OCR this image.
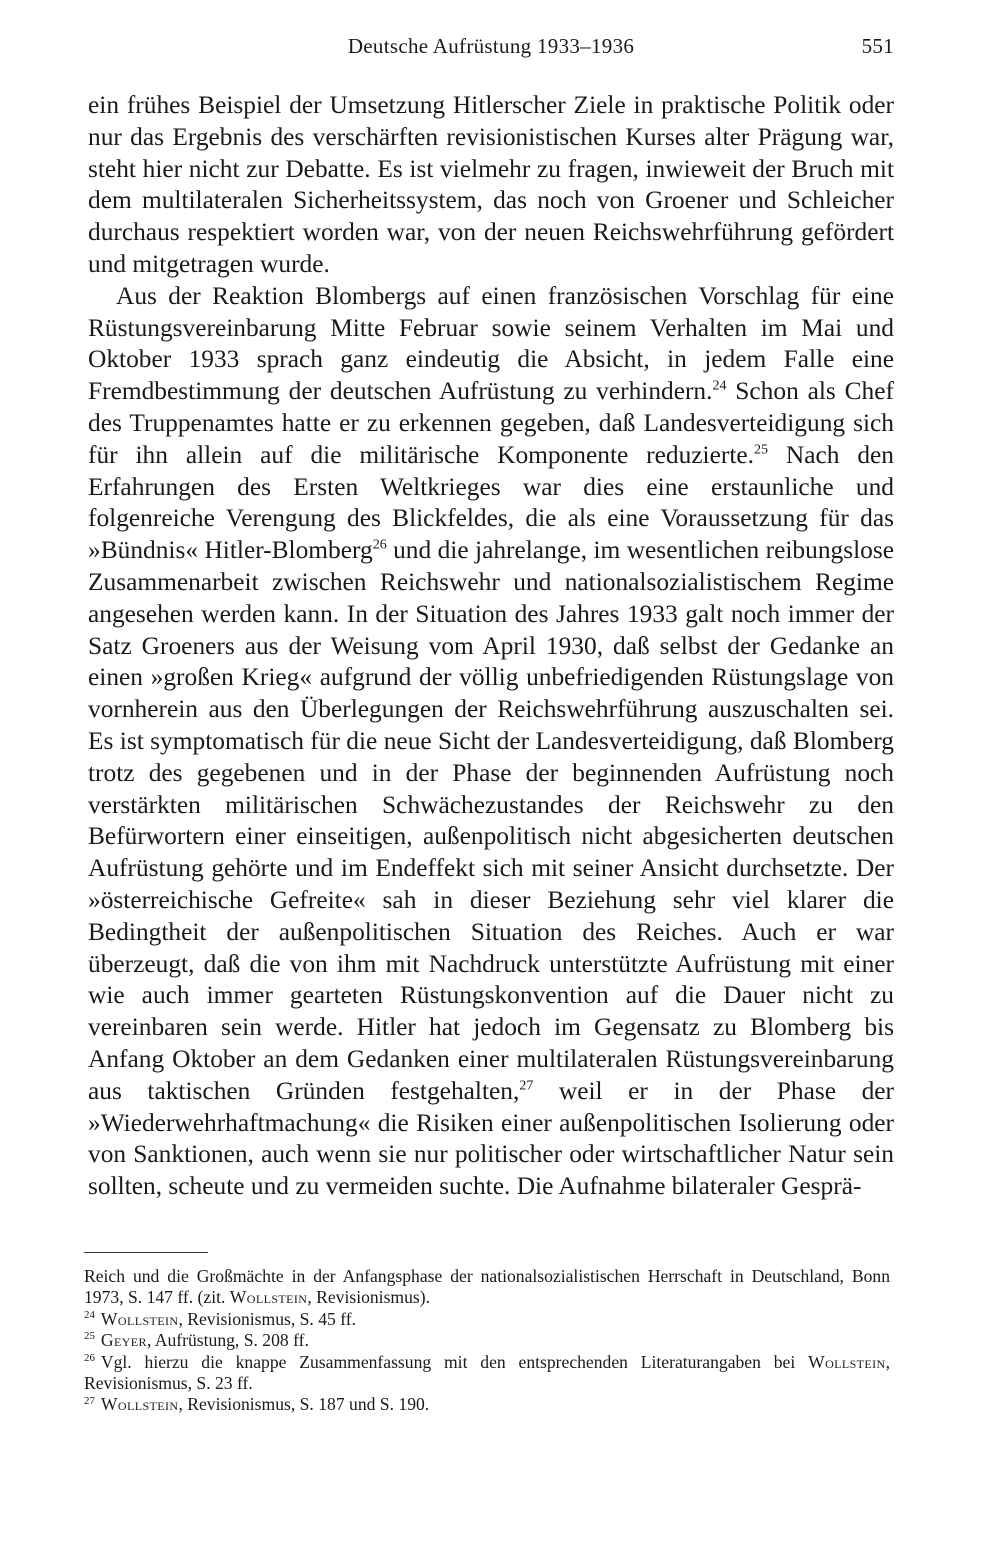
Deutsche Aufrüstung 1933–1936	551

ein frühes Beispiel der Umsetzung Hitlerscher Ziele in praktische Politik oder nur das Ergebnis des verschärften revisionistischen Kurses alter Prägung war, steht hier nicht zur Debatte. Es ist vielmehr zu fragen, inwieweit der Bruch mit dem multilateralen Sicherheitssystem, das noch von Groener und Schleicher durchaus respektiert worden war, von der neuen Reichswehrführung gefördert und mitgetragen wurde.

Aus der Reaktion Blombergs auf einen französischen Vorschlag für eine Rüstungsvereinbarung Mitte Februar sowie seinem Verhalten im Mai und Oktober 1933 sprach ganz eindeutig die Absicht, in jedem Falle eine Fremdbestimmung der deutschen Aufrüstung zu verhindern.$^{24}$ Schon als Chef des Truppenamtes hatte er zu erkennen gegeben, daß Landesverteidigung sich für ihn allein auf die militärische Komponente reduzierte.$^{25}$ Nach den Erfahrungen des Ersten Weltkrieges war dies eine erstaunliche und folgenreiche Verengung des Blickfeldes, die als eine Voraussetzung für das »Bündnis« Hitler-Blomberg$^{26}$ und die jahrelange, im wesentlichen reibungslose Zusammenarbeit zwischen Reichswehr und nationalsozialistischem Regime angesehen werden kann. In der Situation des Jahres 1933 galt noch immer der Satz Groeners aus der Weisung vom April 1930, daß selbst der Gedanke an einen »großen Krieg« aufgrund der völlig unbefriedigenden Rüstungslage von vornherein aus den Überlegungen der Reichswehrführung auszuschalten sei. Es ist symptomatisch für die neue Sicht der Landesverteidigung, daß Blomberg trotz des gegebenen und in der Phase der beginnenden Aufrüstung noch verstärkten militärischen Schwächezustandes der Reichswehr zu den Befürwortern einer einseitigen, außenpolitisch nicht abgesicherten deutschen Aufrüstung gehörte und im Endeffekt sich mit seiner Ansicht durchsetzte. Der »österreichische Gefreite« sah in dieser Beziehung sehr viel klarer die Bedingtheit der außenpolitischen Situation des Reiches. Auch er war überzeugt, daß die von ihm mit Nachdruck unterstützte Aufrüstung mit einer wie auch immer gearteten Rüstungskonvention auf die Dauer nicht zu vereinbaren sein werde. Hitler hat jedoch im Gegensatz zu Blomberg bis Anfang Oktober an dem Gedanken einer multilateralen Rüstungsvereinbarung aus taktischen Gründen festgehalten,$^{27}$ weil er in der Phase der »Wiederwehrhaftmachung« die Risiken einer außenpolitischen Isolierung oder von Sanktionen, auch wenn sie nur politischer oder wirtschaftlicher Natur sein sollten, scheute und zu vermeiden suchte. Die Aufnahme bilateraler Gesprä-

Reich und die Großmächte in der Anfangsphase der nationalsozialistischen Herrschaft in Deutschland, Bonn 1973, S. 147 ff. (zit. Wollstein, Revisionismus).

$^{24}$ Wollstein, Revisionismus, S. 45 ff.

$^{25}$ Geyer, Aufrüstung, S. 208 ff.

$^{26}$ Vgl. hierzu die knappe Zusammenfassung mit den entsprechenden Literaturangaben bei Wollstein, Revisionismus, S. 23 ff.

$^{27}$ Wollstein, Revisionismus, S. 187 und S. 190.
